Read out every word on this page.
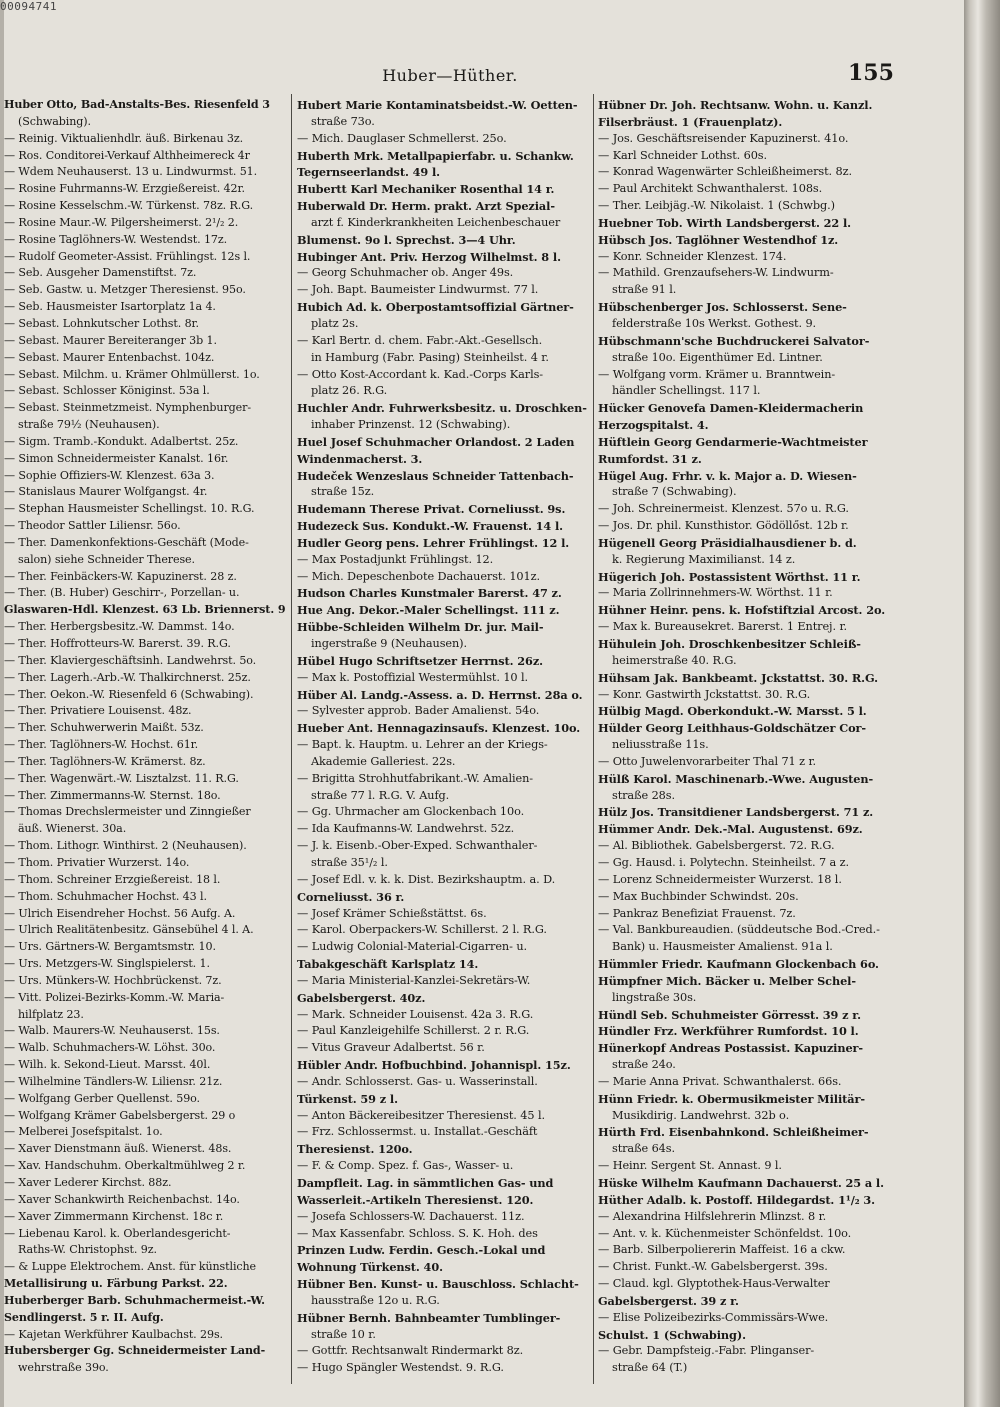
00094741
Huber—Hüther.	155

Huber Otto, Bad-Anstalts-Bes. Riesenfeld 3

(Schwabing).

— Reinig. Viktualienhdlr. äuß. Birkenau 3z.

— Ros. Conditorei-Verkauf Althheimereck 4r

— Wdem Neuhauserst. 13 u. Lindwurmst. 51.

— Rosine Fuhrmanns-W. Erzgießereist. 42r.

— Rosine Kesselschm.-W. Türkenst. 78z. R.G.

— Rosine Maur.-W. Pilgersheimerst. 2¹/₂ 2.

— Rosine Taglöhners-W. Westendst. 17z.

— Rudolf Geometer-Assist. Frühlingst. 12s l.

— Seb. Ausgeher Damenstiftst. 7z.

— Seb. Gastw. u. Metzger Theresienst. 95o.

— Seb. Hausmeister Isartorplatz 1a 4.

— Sebast. Lohnkutscher Lothst. 8r.

— Sebast. Maurer Bereiteranger 3b 1.

— Sebast. Maurer Entenbachst. 104z.

— Sebast. Milchm. u. Krämer Ohlmüllerst. 1o.

— Sebast. Schlosser Königinst. 53a l.

— Sebast. Steinmetzmeist. Nymphenburger-

straße 79½ (Neuhausen).

— Sigm. Tramb.-Kondukt. Adalbertst. 25z.

— Simon Schneidermeister Kanalst. 16r.

— Sophie Offiziers-W. Klenzest. 63a 3.

— Stanislaus Maurer Wolfgangst. 4r.

— Stephan Hausmeister Schellingst. 10. R.G.

— Theodor Sattler Liliensr. 56o.

— Ther. Damenkonfektions-Geschäft (Mode-

salon) siehe Schneider Therese.

— Ther. Feinbäckers-W. Kapuzinerst. 28 z.

— Ther. (B. Huber) Geschirr-, Porzellan- u.

Glaswaren-Hdl. Klenzest. 63 Lb. Briennerst. 9

— Ther. Herbergsbesitz.-W. Dammst. 14o.

— Ther. Hoffrotteurs-W. Barerst. 39. R.G.

— Ther. Klaviergeschäftsinh. Landwehrst. 5o.

— Ther. Lagerh.-Arb.-W. Thalkirchnerst. 25z.

— Ther. Oekon.-W. Riesenfeld 6 (Schwabing).

— Ther. Privatiere Louisenst. 48z.

— Ther. Schuhwerwerin Maißt. 53z.

— Ther. Taglöhners-W. Hochst. 61r.

— Ther. Taglöhners-W. Krämerst. 8z.

— Ther. Wagenwärt.-W. Lisztalzst. 11. R.G.

— Ther. Zimmermanns-W. Sternst. 18o.

— Thomas Drechslermeister und Zinngießer

äuß. Wienerst. 30a.

— Thom. Lithogr. Winthirst. 2 (Neuhausen).

— Thom. Privatier Wurzerst. 14o.

— Thom. Schreiner Erzgießereist. 18 l.

— Thom. Schuhmacher Hochst. 43 l.

— Ulrich Eisendreher Hochst. 56 Aufg. A.

— Ulrich Realitätenbesitz. Gänsebühel 4 l. A.

— Urs. Gärtners-W. Bergamtsmstr. 10.

— Urs. Metzgers-W. Singlspielerst. 1.

— Urs. Münkers-W. Hochbrückenst. 7z.

— Vitt. Polizei-Bezirks-Komm.-W. Maria-

hilfplatz 23.

— Walb. Maurers-W. Neuhauserst. 15s.

— Walb. Schuhmachers-W. Löhst. 30o.

— Wilh. k. Sekond-Lieut. Marsst. 40l.

— Wilhelmine Tändlers-W. Liliensr. 21z.

— Wolfgang Gerber Quellenst. 59o.

— Wolfgang Krämer Gabelsbergerst. 29 o

— Melberei Josefspitalst. 1o.

— Xaver Dienstmann äuß. Wienerst. 48s.

— Xav. Handschuhm. Oberkaltmühlweg 2 r.

— Xaver Lederer Kirchst. 88z.

— Xaver Schankwirth Reichenbachst. 14o.

— Xaver Zimmermann Kirchenst. 18c r.

— Liebenau Karol. k. Oberlandesgericht-

Raths-W. Christophst. 9z.

— & Luppe Elektrochem. Anst. für künstliche

Metallisirung u. Färbung Parkst. 22.

Huberberger Barb. Schuhmachermeist.-W.

Sendlingerst. 5 r. II. Aufg.

— Kajetan Werkführer Kaulbachst. 29s.

Hubersberger Gg. Schneidermeister Land-

wehrstraße 39o.

Hubert Marie Kontaminatsbeidst.-W. Oetten-

straße 73o.

— Mich. Dauglaser Schmellerst. 25o.

Huberth Mrk. Metallpapierfabr. u. Schankw.

Tegernseerlandst. 49 l.

Hubertt Karl Mechaniker Rosenthal 14 r.

Huberwald Dr. Herm. prakt. Arzt Spezial-

arzt f. Kinderkrankheiten Leichenbeschauer

Blumenst. 9o l. Sprechst. 3—4 Uhr.

Hubinger Ant. Priv. Herzog Wilhelmst. 8 l.

— Georg Schuhmacher ob. Anger 49s.

— Joh. Bapt. Baumeister Lindwurmst. 77 l.

Hubich Ad. k. Oberpostamtsoffizial Gärtner-

platz 2s.

— Karl Bertr. d. chem. Fabr.-Akt.-Gesellsch.

in Hamburg (Fabr. Pasing) Steinheilst. 4 r.

— Otto Kost-Accordant k. Kad.-Corps Karls-

platz 26. R.G.

Huchler Andr. Fuhrwerksbesitz. u. Droschken-

inhaber Prinzenst. 12 (Schwabing).

Huel Josef Schuhmacher Orlandost. 2 Laden

Windenmacherst. 3.

Hudeček Wenzeslaus Schneider Tattenbach-

straße 15z.

Hudemann Therese Privat. Corneliusst. 9s.

Hudezeck Sus. Kondukt.-W. Frauenst. 14 l.

Hudler Georg pens. Lehrer Frühlingst. 12 l.

— Max Postadjunkt Frühlingst. 12.

— Mich. Depeschenbote Dachauerst. 101z.

Hudson Charles Kunstmaler Barerst. 47 z.

Hue Ang. Dekor.-Maler Schellingst. 111 z.

Hübbe-Schleiden Wilhelm Dr. jur. Mail-

ingerstraße 9 (Neuhausen).

Hübel Hugo Schriftsetzer Herrnst. 26z.

— Max k. Postoffizial Westermühlst. 10 l.

Hüber Al. Landg.-Assess. a. D. Herrnst. 28a o.

— Sylvester approb. Bader Amalienst. 54o.

Hueber Ant. Hennagazinsaufs. Klenzest. 10o.

— Bapt. k. Hauptm. u. Lehrer an der Kriegs-

Akademie Galleriest. 22s.

— Brigitta Strohhutfabrikant.-W. Amalien-

straße 77 l. R.G. V. Aufg.

— Gg. Uhrmacher am Glockenbach 10o.

— Ida Kaufmanns-W. Landwehrst. 52z.

— J. k. Eisenb.-Ober-Exped. Schwanthaler-

straße 35¹/₂ l.

— Josef Edl. v. k. k. Dist. Bezirkshauptm. a. D.

Corneliusst. 36 r.

— Josef Krämer Schießstättst. 6s.

— Karol. Oberpackers-W. Schillerst. 2 l. R.G.

— Ludwig Colonial-Material-Cigarren- u.

Tabakgeschäft Karlsplatz 14.

— Maria Ministerial-Kanzlei-Sekretärs-W.

Gabelsbergerst. 40z.

— Mark. Schneider Louisenst. 42a 3. R.G.

— Paul Kanzleigehilfe Schillerst. 2 r. R.G.

— Vitus Graveur Adalbertst. 56 r.

Hübler Andr. Hofbuchbind. Johannispl. 15z.

— Andr. Schlosserst. Gas- u. Wasserinstall.

Türkenst. 59 z l.

— Anton Bäckereibesitzer Theresienst. 45 l.

— Frz. Schlossermst. u. Installat.-Geschäft

Theresienst. 120o.

— F. & Comp. Spez. f. Gas-, Wasser- u.

Dampfleit. Lag. in sämmtlichen Gas- und

Wasserleit.-Artikeln Theresienst. 120.

— Josefa Schlossers-W. Dachauerst. 11z.

— Max Kassenfabr. Schloss. S. K. Hoh. des

Prinzen Ludw. Ferdin. Gesch.-Lokal und

Wohnung Türkenst. 40.

Hübner Ben. Kunst- u. Bauschloss. Schlacht-

hausstraße 12o u. R.G.

Hübner Bernh. Bahnbeamter Tumblinger-

straße 10 r.

— Gottfr. Rechtsanwalt Rindermarkt 8z.

— Hugo Spängler Westendst. 9. R.G.

Hübner Dr. Joh. Rechtsanw. Wohn. u. Kanzl.

Filserbräust. 1 (Frauenplatz).

— Jos. Geschäftsreisender Kapuzinerst. 41o.

— Karl Schneider Lothst. 60s.

— Konrad Wagenwärter Schleißheimerst. 8z.

— Paul Architekt Schwanthalerst. 108s.

— Ther. Leibjäg.-W. Nikolaist. 1 (Schwbg.)

Huebner Tob. Wirth Landsbergerst. 22 l.

Hübsch Jos. Taglöhner Westendhof 1z.

— Konr. Schneider Klenzest. 174.

— Mathild. Grenzaufsehers-W. Lindwurm-

straße 91 l.

Hübschenberger Jos. Schlosserst. Sene-

felderstraße 10s Werkst. Gothest. 9.

Hübschmann'sche Buchdruckerei Salvator-

straße 10o. Eigenthümer Ed. Lintner.

— Wolfgang vorm. Krämer u. Branntwein-

händler Schellingst. 117 l.

Hücker Genovefa Damen-Kleidermacherin

Herzogspitalst. 4.

Hüftlein Georg Gendarmerie-Wachtmeister

Rumfordst. 31 z.

Hügel Aug. Frhr. v. k. Major a. D. Wiesen-

straße 7 (Schwabing).

— Joh. Schreinermeist. Klenzest. 57o u. R.G.

— Jos. Dr. phil. Kunsthistor. Gödöllőst. 12b r.

Hügenell Georg Präsidialhausdiener b. d.

k. Regierung Maximilianst. 14 z.

Hügerich Joh. Postassistent Wörthst. 11 r.

— Maria Zollrinnehmers-W. Wörthst. 11 r.

Hühner Heinr. pens. k. Hofstiftzial Arcost. 2o.

— Max k. Bureausekret. Barerst. 1 Entrej. r.

Hühulein Joh. Droschkenbesitzer Schleiß-

heimerstraße 40. R.G.

Hühsam Jak. Bankbeamt. Jckstattst. 30. R.G.

— Konr. Gastwirth Jckstattst. 30. R.G.

Hülbig Magd. Oberkondukt.-W. Marsst. 5 l.

Hülder Georg Leithhaus-Goldschätzer Cor-

neliusstraße 11s.

— Otto Juwelenvorarbeiter Thal 71 z r.

Hülß Karol. Maschinenarb.-Wwe. Augusten-

straße 28s.

Hülz Jos. Transitdiener Landsbergerst. 71 z.

Hümmer Andr. Dek.-Mal. Augustenst. 69z.

— Al. Bibliothek. Gabelsbergerst. 72. R.G.

— Gg. Hausd. i. Polytechn. Steinheilst. 7 a z.

— Lorenz Schneidermeister Wurzerst. 18 l.

— Max Buchbinder Schwindst. 20s.

— Pankraz Benefiziat Frauenst. 7z.

— Val. Bankbureaudien. (süddeutsche Bod.-Cred.-

Bank) u. Hausmeister Amalienst. 91a l.

Hümmler Friedr. Kaufmann Glockenbach 6o.

Hümpfner Mich. Bäcker u. Melber Schel-

lingstraße 30s.

Hündl Seb. Schuhmeister Görresst. 39 z r.

Hündler Frz. Werkführer Rumfordst. 10 l.

Hünerkopf Andreas Postassist. Kapuziner-

straße 24o.

— Marie Anna Privat. Schwanthalerst. 66s.

Hünn Friedr. k. Obermusikmeister Militär-

Musikdirig. Landwehrst. 32b o.

Hürth Frd. Eisenbahnkond. Schleißheimer-

straße 64s.

— Heinr. Sergent St. Annast. 9 l.

Hüske Wilhelm Kaufmann Dachauerst. 25 a l.

Hüther Adalb. k. Postoff. Hildegardst. 1¹/₂ 3.

— Alexandrina Hilfslehrerin Mlinzst. 8 r.

— Ant. v. k. Küchenmeister Schönfeldst. 10o.

— Barb. Silberpoliererin Maffeist. 16 a ckw.

— Christ. Funkt.-W. Gabelsbergerst. 39s.

— Claud. kgl. Glyptothek-Haus-Verwalter

Gabelsbergerst. 39 z r.

— Elise Polizeibezirks-Commissärs-Wwe.

Schulst. 1 (Schwabing).

— Gebr. Dampfsteig.-Fabr. Plinganser-

straße 64 (T.)
